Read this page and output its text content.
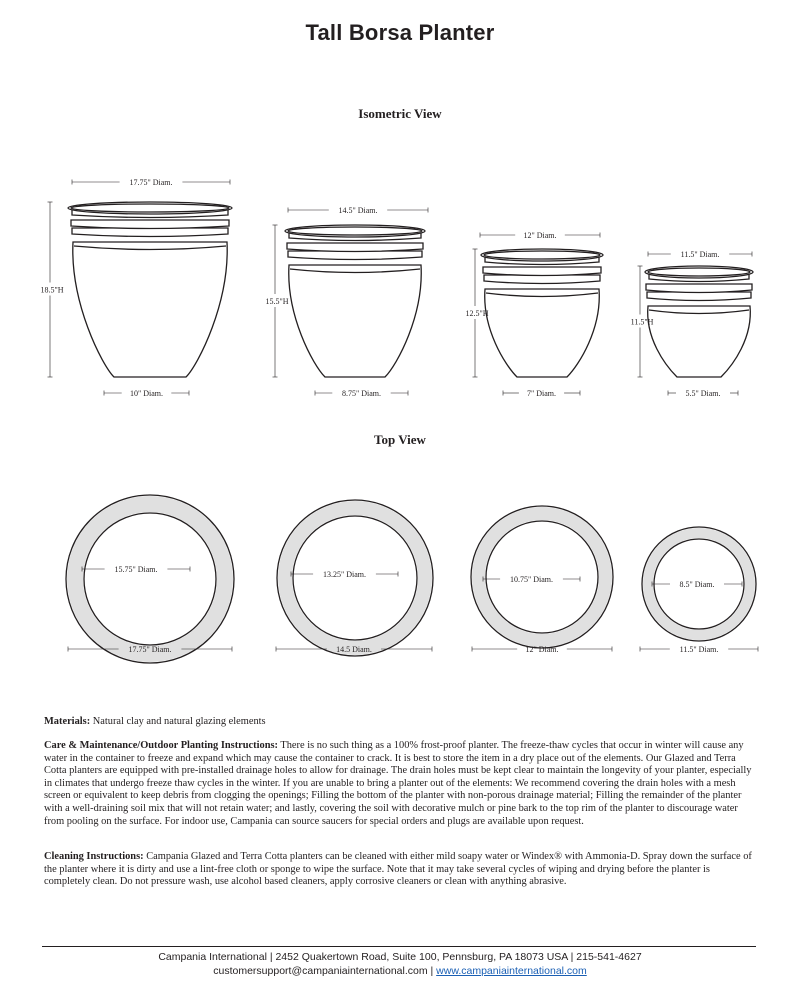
Tall Borsa Planter
Isometric View
Top View
17.75" Diam.
18.5"H
10" Diam.
15.75" Diam.
17.75" Diam.
14.5" Diam.
15.5"H
8.75" Diam.
13.25" Diam.
14.5 Diam.
12" Diam.
12.5"H
7" Diam.
10.75" Diam.
12" Diam.
11.5" Diam.
11.5"H
5.5" Diam.
8.5" Diam.
11.5" Diam.
Materials: Natural clay and natural glazing elements
Care & Maintenance/Outdoor Planting Instructions: There is no such thing as a 100% frost-proof planter. The freeze-thaw cycles that occur in winter will cause any water in the container to freeze and expand which may cause the container to crack. It is best to store the item in a dry place out of the elements. Our Glazed and Terra Cotta planters are equipped with pre-installed drainage holes to allow for drainage. The drain holes must be kept clear to maintain the longevity of your planter, especially in climates that undergo freeze thaw cycles in the winter. If you are unable to bring a planter out of the elements: We recommend covering the drain holes with a mesh screen or equivalent to keep debris from clogging the openings; Filling the bottom of the planter with non-porous drainage material; Filling the remainder of the planter with a well-draining soil mix that will not retain water; and lastly, covering the soil with decorative mulch or pine bark to the top rim of the planter to discourage water from pooling on the surface. For indoor use, Campania can source saucers for special orders and plugs are available upon request.
Cleaning Instructions: Campania Glazed and Terra Cotta planters can be cleaned with either mild soapy water or Windex® with Ammonia-D. Spray down the surface of the planter where it is dirty and use a lint-free cloth or sponge to wipe the surface. Note that it may take several cycles of wiping and drying before the planter is completely clean. Do not pressure wash, use alcohol based cleaners, apply corrosive cleaners or clean with anything abrasive.
Campania International | 2452 Quakertown Road, Suite 100, Pennsburg, PA 18073 USA | 215-541-4627
customersupport@campaniainternational.com | www.campaniainternational.com
